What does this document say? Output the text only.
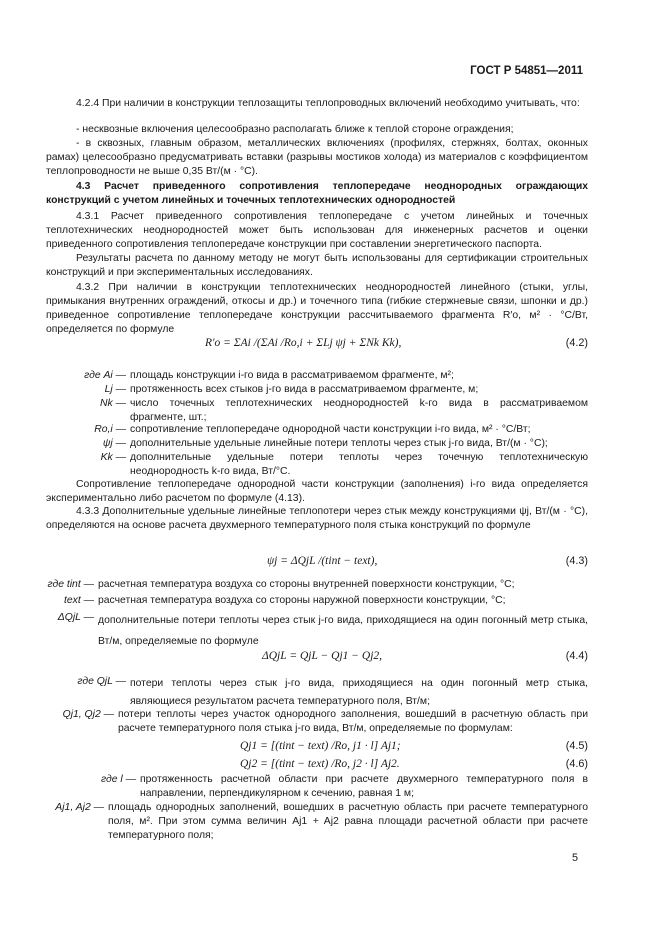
ГОСТ Р 54851—2011
4.2.4 При наличии в конструкции теплозащиты теплопроводных включений необходимо учитывать, что:
- несквозные включения целесообразно располагать ближе к теплой стороне ограждения;
- в сквозных, главным образом, металлических включениях (профилях, стержнях, болтах, оконных рамах) целесообразно предусматривать вставки (разрывы мостиков холода) из материалов с коэффициентом теплопроводности не выше 0,35 Вт/(м · °С).
4.3 Расчет приведенного сопротивления теплопередаче неоднородных ограждающих конструкций с учетом линейных и точечных теплотехнических однородностей
4.3.1 Расчет приведенного сопротивления теплопередаче с учетом линейных и точечных теплотехнических неоднородностей может быть использован для инженерных расчетов и оценки приведенного сопротивления теплопередаче конструкции при составлении энергетического паспорта.
Результаты расчета по данному методу не могут быть использованы для сертификации строительных конструкций и при экспериментальных исследованиях.
4.3.2 При наличии в конструкции теплотехнических неоднородностей линейного (стыки, углы, примыкания внутренних ограждений, откосы и др.) и точечного типа (гибкие стержневые связи, шпонки и др.) приведенное сопротивление теплопередаче конструкции рассчитываемого фрагмента R′o, м² · °С/Вт, определяется по формуле
R′o = ΣAi /(ΣAi /Ro,i + ΣLj ψj + ΣNk Kk),	(4.2)
где Ai — площадь конструкции i-го вида в рассматриваемом фрагменте, м²;
Lj — протяженность всех стыков j-го вида в рассматриваемом фрагменте, м;
Nk — число точечных теплотехнических неоднородностей k-го вида в рассматриваемом фрагменте, шт.;
Ro,i — сопротивление теплопередаче однородной части конструкции i-го вида, м² · °С/Вт;
ψj — дополнительные удельные линейные потери теплоты через стык j-го вида, Вт/(м · °С);
Kk — дополнительные удельные потери теплоты через точечную теплотехническую неоднородность k-го вида, Вт/°С.
Сопротивление теплопередаче однородной части конструкции (заполнения) i-го вида определяется экспериментально либо расчетом по формуле (4.13).
4.3.3 Дополнительные удельные линейные теплопотери через стык между конструкциями ψj, Вт/(м · °С), определяются на основе расчета двухмерного температурного поля стыка конструкций по формуле
ψj = ΔQjL /(tint − text),	(4.3)
где tint — расчетная температура воздуха со стороны внутренней поверхности конструкции, °С;
text — расчетная температура воздуха со стороны наружной поверхности конструкции, °С;
ΔQjL — дополнительные потери теплоты через стык j-го вида, приходящиеся на один погонный метр стыка, Вт/м, определяемые по формуле
ΔQjL = QjL − Qj1 − Qj2,	(4.4)
где QjL — потери теплоты через стык j-го вида, приходящиеся на один погонный метр стыка, являющиеся результатом расчета температурного поля, Вт/м;
Qj1, Qj2 — потери теплоты через участок однородного заполнения, вошедший в расчетную область при расчете температурного поля стыка j-го вида, Вт/м, определяемые по формулам:
Qj1 = [(tint − text) /Ro, j1 · l] Aj1;	(4.5)
Qj2 = [(tint − text) /Ro, j2 · l] Aj2.	(4.6)
где l — протяженность расчетной области при расчете двухмерного температурного поля в направлении, перпендикулярном к сечению, равная 1 м;
Aj1, Aj2 — площадь однородных заполнений, вошедших в расчетную область при расчете температурного поля, м². При этом сумма величин Aj1 + Aj2 равна площади расчетной области при расчете температурного поля;
5
